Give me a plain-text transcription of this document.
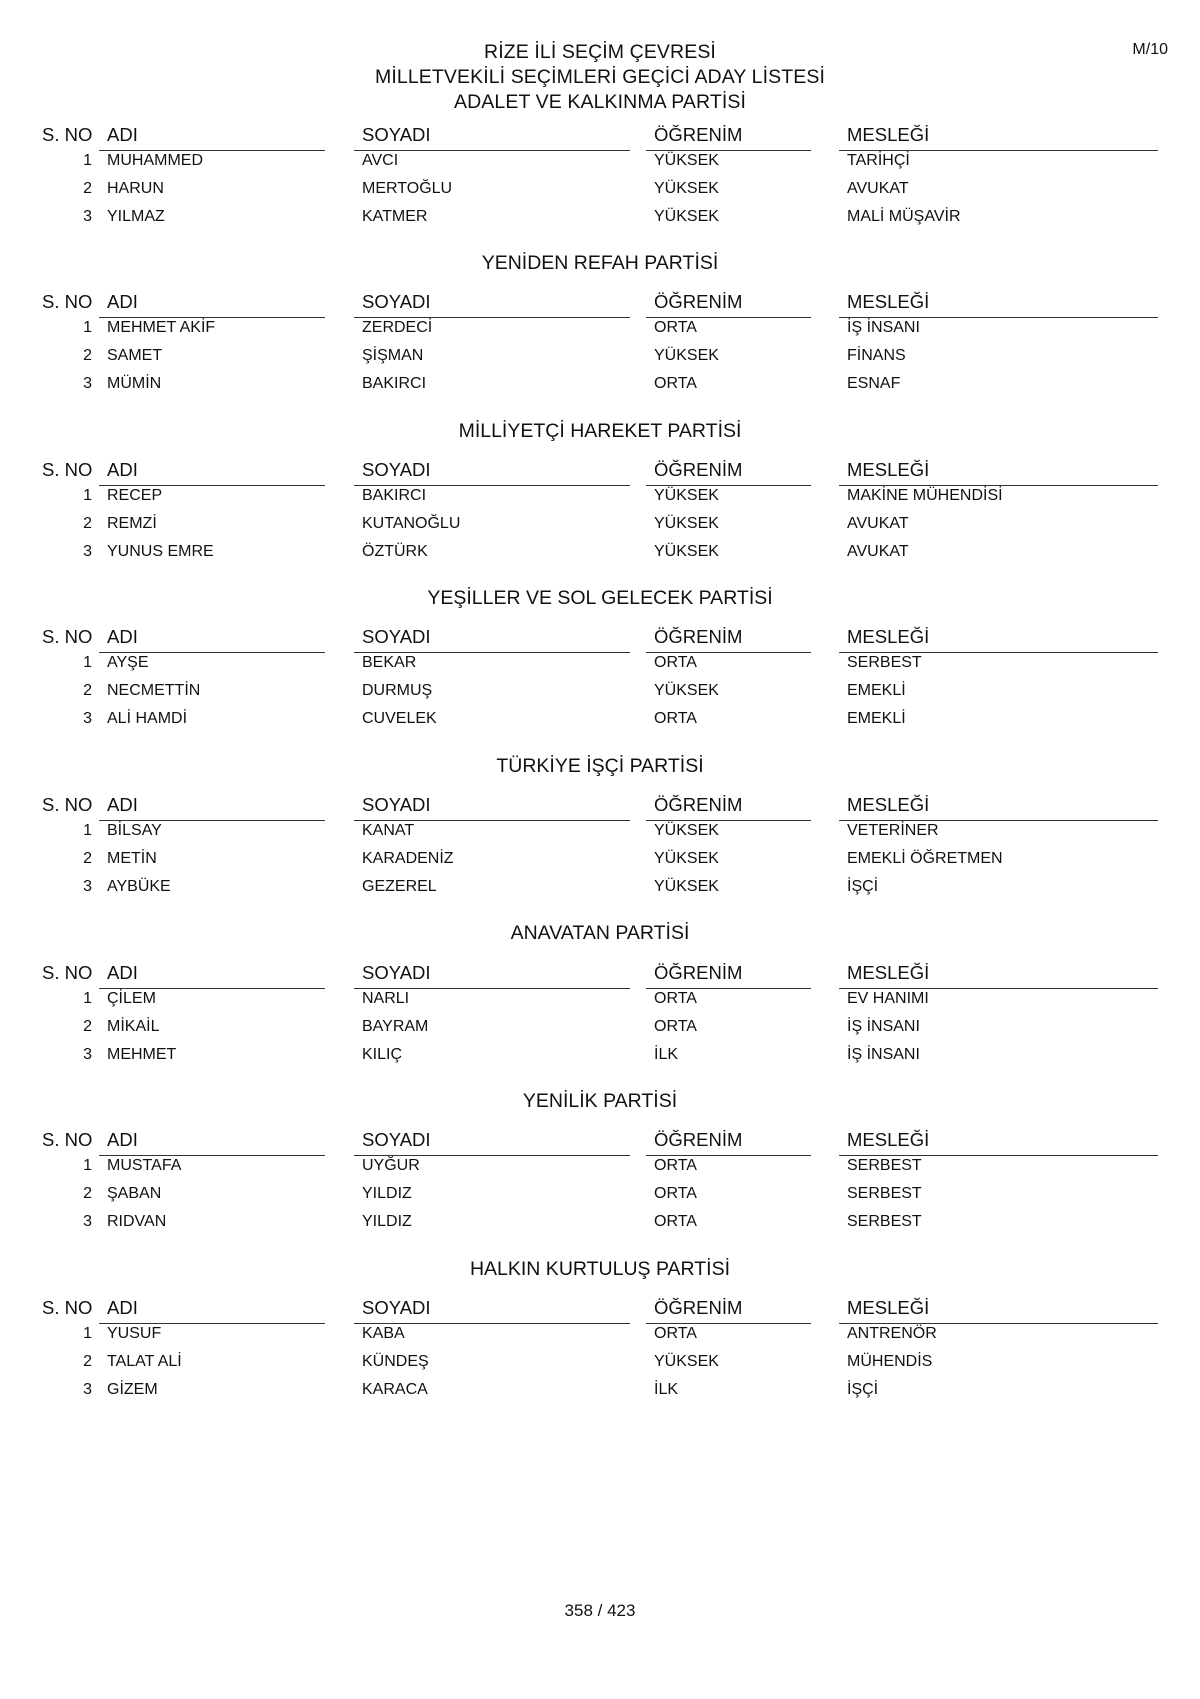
RİZE İLİ SEÇİM ÇEVRESİ
MİLLETVEKİLİ SEÇİMLERİ GEÇİCİ ADAY LİSTESİ
ADALET VE KALKINMA PARTİSİ
M/10
S. NO ADI	SOYADI	ÖĞRENİM	MESLEĞİ
1 MUHAMMED	AVCI	YÜKSEK	TARİHÇİ
2 HARUN	MERTOĞLU	YÜKSEK	AVUKAT
3 YILMAZ	KATMER	YÜKSEK	MALİ MÜŞAVİR
YENİDEN REFAH PARTİSİ
S. NO ADI	SOYADI	ÖĞRENİM	MESLEĞİ
1 MEHMET AKİF	ZERDECİ	ORTA	İŞ İNSANI
2 SAMET	ŞİŞMAN	YÜKSEK	FİNANS
3 MÜMİN	BAKIRCI	ORTA	ESNAF
MİLLİYETÇİ HAREKET PARTİSİ
S. NO ADI	SOYADI	ÖĞRENİM	MESLEĞİ
1 RECEP	BAKIRCI	YÜKSEK	MAKİNE MÜHENDİSİ
2 REMZİ	KUTANOĞLU	YÜKSEK	AVUKAT
3 YUNUS EMRE	ÖZTÜRK	YÜKSEK	AVUKAT
YEŞİLLER VE SOL GELECEK PARTİSİ
S. NO ADI	SOYADI	ÖĞRENİM	MESLEĞİ
1 AYŞE	BEKAR	ORTA	SERBEST
2 NECMETTİN	DURMUŞ	YÜKSEK	EMEKLİ
3 ALİ HAMDİ	CUVELEK	ORTA	EMEKLİ
TÜRKİYE İŞÇİ PARTİSİ
S. NO ADI	SOYADI	ÖĞRENİM	MESLEĞİ
1 BİLSAY	KANAT	YÜKSEK	VETERİNER
2 METİN	KARADENİZ	YÜKSEK	EMEKLİ ÖĞRETMEN
3 AYBÜKE	GEZEREL	YÜKSEK	İŞÇİ
ANAVATAN PARTİSİ
S. NO ADI	SOYADI	ÖĞRENİM	MESLEĞİ
1 ÇİLEM	NARLI	ORTA	EV HANIMI
2 MİKAİL	BAYRAM	ORTA	İŞ İNSANI
3 MEHMET	KILIÇ	İLK	İŞ İNSANI
YENİLİK PARTİSİ
S. NO ADI	SOYADI	ÖĞRENİM	MESLEĞİ
1 MUSTAFA	UYĞUR	ORTA	SERBEST
2 ŞABAN	YILDIZ	ORTA	SERBEST
3 RIDVAN	YILDIZ	ORTA	SERBEST
HALKIN KURTULUŞ PARTİSİ
S. NO ADI	SOYADI	ÖĞRENİM	MESLEĞİ
1 YUSUF	KABA	ORTA	ANTRENÖR
2 TALAT ALİ	KÜNDEŞ	YÜKSEK	MÜHENDİS
3 GİZEM	KARACA	İLK	İŞÇİ
358 / 423
